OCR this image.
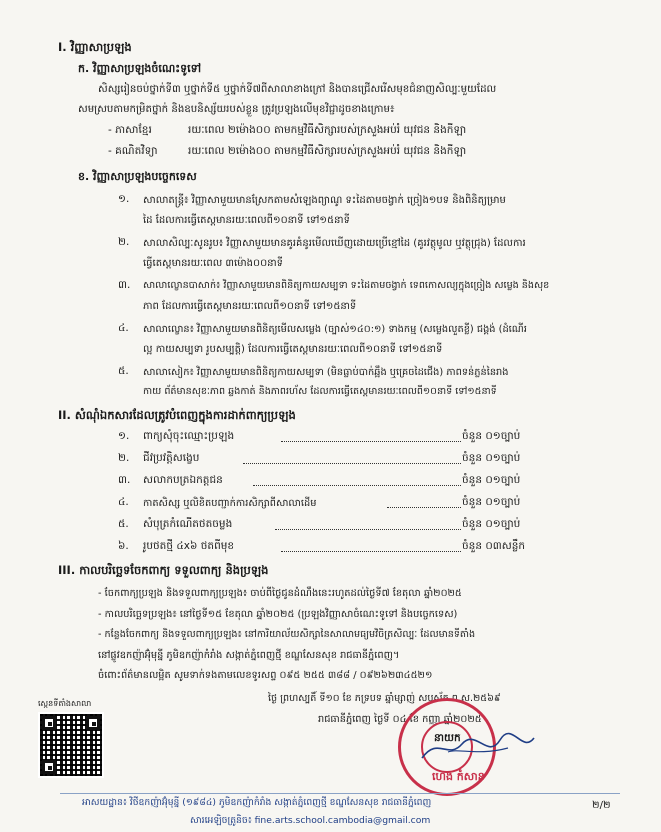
I. វិញ្ញាសាប្រឡង
ក. វិញ្ញាសាប្រឡងចំណេះទូទៅ
សិស្សរៀនចប់ថ្នាក់ទី៣ ឬថ្នាក់ទី៥ ឬថ្នាក់ទី៧ពីសាលាខាងក្រៅ និងបានជ្រើសរើសមុខជំនាញសិល្បៈមួយដែល
សមស្របតាមកម្រិតថ្នាក់ និងឧបនិស្ស័យរបស់ខ្លួន ត្រូវប្រឡងលើមុខវិជ្ជាដូចខាងក្រោម៖
- ភាសាខ្មែរ	រយៈពេល ២ម៉ោង០០ តាមកម្មវិធីសិក្សារបស់ក្រសួងអប់រំ យុវជន និងកីឡា
- គណិតវិទ្យា	រយៈពេល ២ម៉ោង០០ តាមកម្មវិធីសិក្សារបស់ក្រសួងអប់រំ យុវជន និងកីឡា
ខ. វិញ្ញាសាប្រឡងបច្ចេកទេស
១. សាលាតន្ត្រី៖ វិញ្ញាសាមួយមានស្រែកតាមសំឡេងព្យាណូ ទះដៃតាមចង្វាក់ ច្រៀង១បទ និងពិនិត្យម្រាម
ដៃ ដែលការធ្វើតេស្តមានរយៈពេលពី១០នាទី ទៅ១៥នាទី
២. សាលាសិល្បៈសូនរូប៖ វិញ្ញាសាមួយមានគូរគំនូរមើលឃើញដោយប្រើខ្មៅដៃ (គូរវត្ថុមូល ឬវត្ថុជ្រុង) ដែលការ
ធ្វើតេស្តមានរយៈពេល ៣ម៉ោង០០នាទី
៣. សាលាល្ខោនបាសាក់៖ វិញ្ញាសាមួយមានពិនិត្យកាយសម្បទា ទះដៃតាមចង្វាក់ ទេពកោសល្យក្នុងច្រៀង សម្លេង និងសុខ
ភាព ដែលការធ្វើតេស្តមានរយៈពេលពី១០នាទី ទៅ១៥នាទី
៤. សាលាល្ខោន៖ វិញ្ញាសាមួយមានពិនិត្យមើលសម្លេង (ច្បាស់១៤០:១) ទាងកម្ម (សម្លេងលួតខ្លី) ជង្គង់ (ដំណើរ
ល្អ កាយសម្បទា រូបសម្បត្តិ) ដែលការធ្វើតេស្តមានរយៈពេលពី១០នាទី ទៅ១៥នាទី
៥. សាលាសៀក៖ វិញ្ញាសាមួយមានពិនិត្យកាយសម្បទា (មិនធ្លាប់បាក់ឆ្អឹង ឬគ្រេចដៃជើង) ភាពទន់ភ្លន់នៃរាង
កាយ ព័ត៌មានសុខៈភាព ឆ្លងកាត់ និងភាពរហ័ស ដែលការធ្វើតេស្តមានរយៈពេលពី១០នាទី ទៅ១៥នាទី
II. សំណុំឯកសារដែលត្រូវបំពេញក្នុងការដាក់ពាក្យប្រឡង
១. ពាក្យសុំចុះឈ្មោះប្រឡង	ចំនួន ០១ច្បាប់
២. ជីវប្រវត្តិសង្ខេប	ចំនួន ០១ច្បាប់
៣. សលាកបត្រឯកត្តជន	ចំនួន ០១ច្បាប់
៤. កាតសិស្ស ឬលិខិតបញ្ជាក់ការសិក្សាពីសាលាដើម	ចំនួន ០១ច្បាប់
៥. សំបុត្រកំណើតថតចម្លង	ចំនួន ០១ច្បាប់
៦. រូបថតថ្មី ៤x៦ ថតពីមុខ	ចំនួន ០៣សន្លឹក
III. កាលបរិច្ឆេទចែកពាក្យ ទទួលពាក្យ និងប្រឡង
- ចែកពាក្យប្រឡង និងទទួលពាក្យប្រឡង៖ ចាប់ពីថ្ងៃជូនដំណឹងនេះរហូតដល់ថ្ងៃទី៧ ខែតុលា ឆ្នាំ២០២៥
- កាលបរិច្ឆេទប្រឡង៖ នៅថ្ងៃទី១៥ ខែតុលា ឆ្នាំ២០២៥ (ប្រឡងវិញ្ញាសាចំណេះទូទៅ និងបច្ចេកទេស)
- កន្លែងចែកពាក្យ និងទទួលពាក្យប្រឡង៖ នៅការិយាល័យសិក្សានៃសាលាមធ្យមវិចិត្រសិល្បៈ ដែលមានទីតាំង
នៅផ្លូវឧកញ៉ាអ៊ុំមុន្នី ភូមិឧកញ៉ាកំរាំង សង្កាត់ភ្នំពេញថ្មី ខណ្ឌសែនសុខ រាជធានីភ្នំពេញ។
ចំពោះព័ត៌មានលម្អិត សូមទាក់ទងតាមលេខទូរសព្ទ ០៩៥ ២៥៥ ៣៨៨ / ០៩២៦២៣៤៥២១
ថ្ងៃ ព្រហស្បតិ៍ ទី១០ ខែ ភទ្របទ ឆ្នាំម្សាញ់ សប្តស័ក ព.ស.២៥៦៩
រាជធានីភ្នំពេញ ថ្ងៃទី ០៤ ខែ កញ្ញា ឆ្នាំ២០២៥
នាយក
ហេង កំសាន
ស្កេនទីតាំងសាលា
អាសយដ្ឋាន៖ វិថីឧកញ៉ាអ៊ុំមុន្នី (១៩៨៤) ភូមិឧកញ៉ាកំរាំង សង្កាត់ភ្នំពេញថ្មី ខណ្ឌសែនសុខ រាជធានីភ្នំពេញ
សារអេឡិចត្រូនិច៖ fine.arts.school.cambodia@gmail.com
២/២
